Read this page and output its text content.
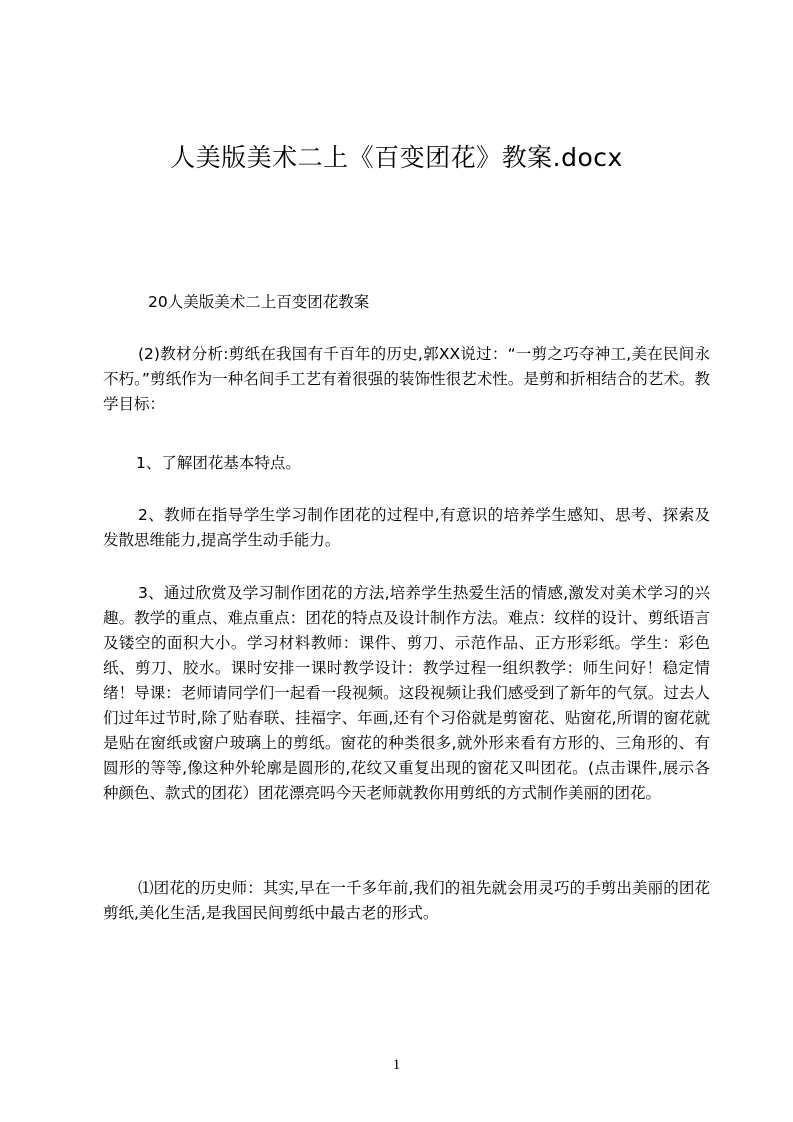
人美版美术二上《百变团花》教案.docx
20人美版美术二上百变团花教案

(2)教材分析:剪纸在我国有千百年的历史,郭XX说过：“一剪之巧夺神工,美在民间永不朽。”剪纸作为一种名间手工艺有着很强的装饰性很艺术性。是剪和折相结合的艺术。教学目标：

1、了解团花基本特点。

2、教师在指导学生学习制作团花的过程中,有意识的培养学生感知、思考、探索及发散思维能力,提高学生动手能力。

3、通过欣赏及学习制作团花的方法,培养学生热爱生活的情感,激发对美术学习的兴趣。教学的重点、难点重点：团花的特点及设计制作方法。难点：纹样的设计、剪纸语言及镂空的面积大小。学习材料教师：课件、剪刀、示范作品、正方形彩纸。学生：彩色纸、剪刀、胶水。课时安排一课时教学设计：教学过程一组织教学：师生问好！稳定情绪！导课：老师请同学们一起看一段视频。这段视频让我们感受到了新年的气氛。过去人们过年过节时,除了贴春联、挂福字、年画,还有个习俗就是剪窗花、贴窗花,所谓的窗花就是贴在窗纸或窗户玻璃上的剪纸。窗花的种类很多,就外形来看有方形的、三角形的、有圆形的等等,像这种外轮廓是圆形的,花纹又重复出现的窗花又叫团花。(点击课件,展示各种颜色、款式的团花）团花漂亮吗今天老师就教你用剪纸的方式制作美丽的团花。

⑴团花的历史师：其实,早在一千多年前,我们的祖先就会用灵巧的手剪出美丽的团花剪纸,美化生活,是我国民间剪纸中最古老的形式。

1
